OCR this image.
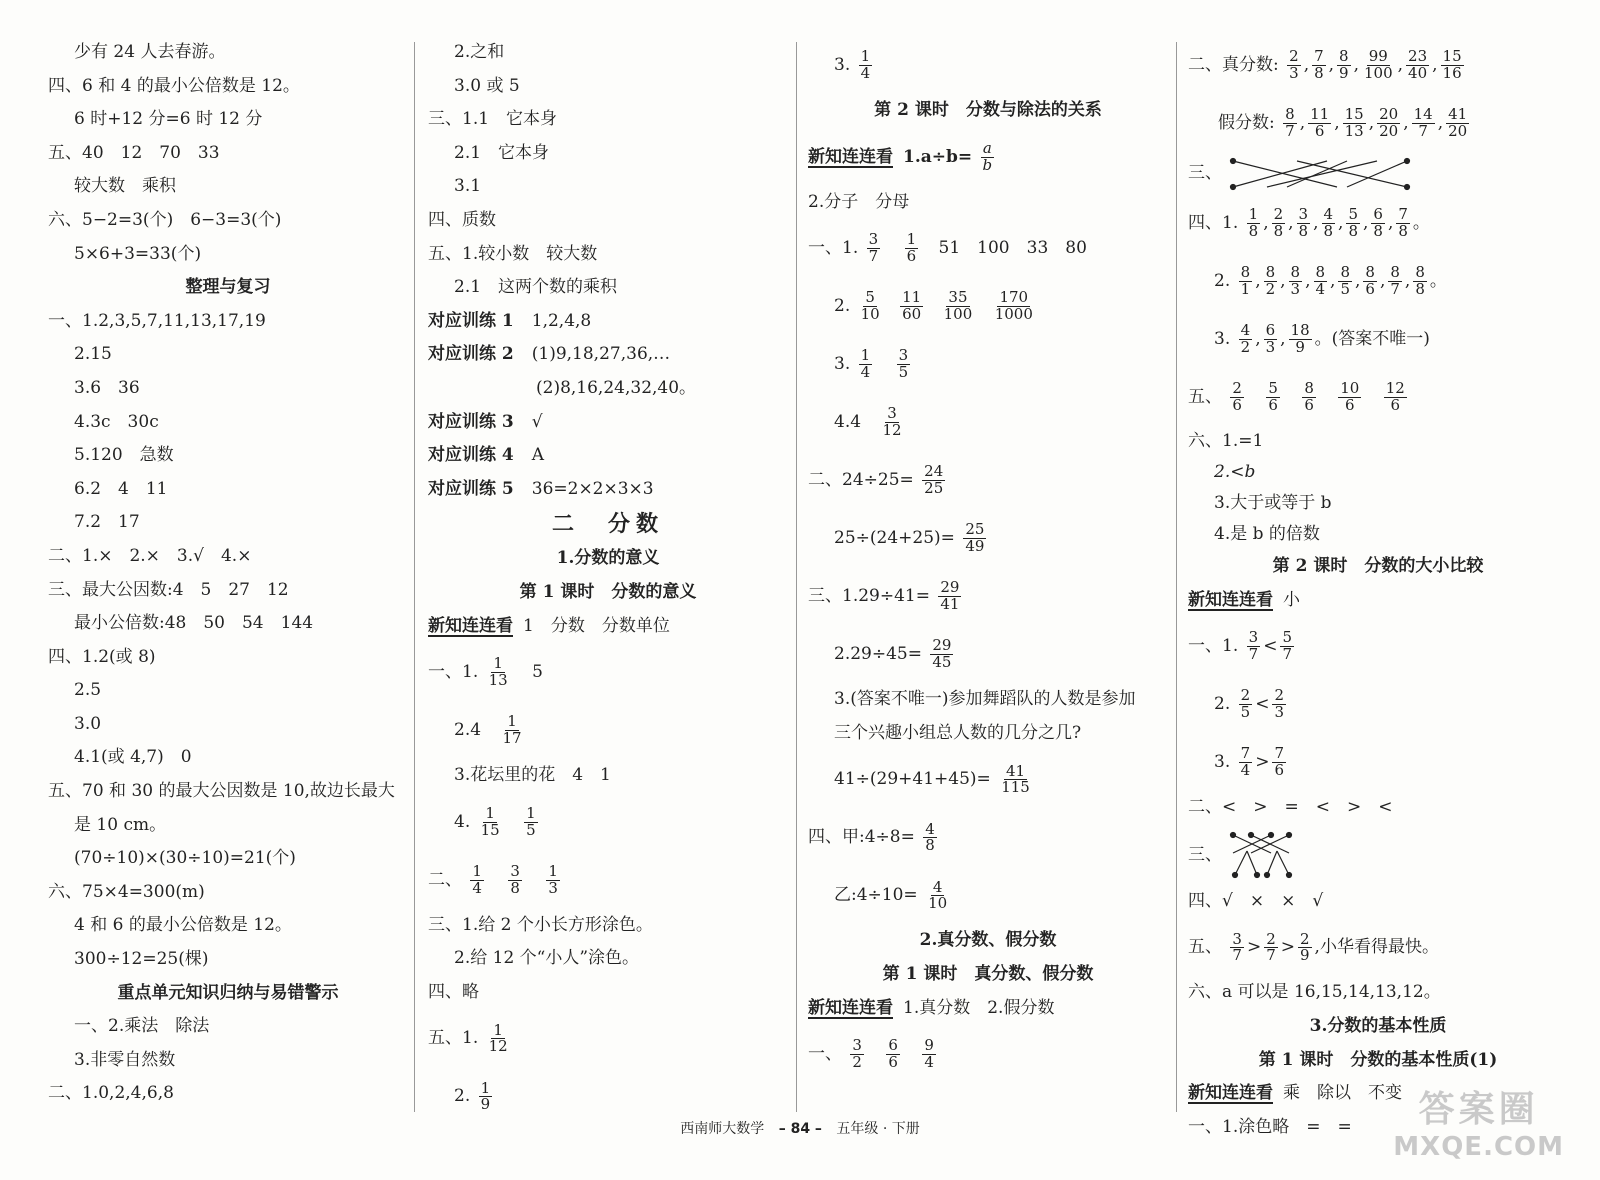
少有 24 人去春游。
四、6 和 4 的最小公倍数是 12。
6 时+12 分=6 时 12 分
五、40　12　70　33
较大数　乘积
六、5−2=3(个)　6−3=3(个)
5×6+3=33(个)
整理与复习
一、1.2,3,5,7,11,13,17,19
2.15
3.6　36
4.3c　30c
5.120　急数
6.2　4　11
7.2　17
二、1.×　2.×　3.√　4.×
三、最大公因数:4　5　27　12
最小公倍数:48　50　54　144
四、1.2(或 8)
2.5
3.0
4.1(或 4,7)　0
五、70 和 30 的最大公因数是 10,故边长最大
是 10 cm。
(70÷10)×(30÷10)=21(个)
六、75×4=300(m)
4 和 6 的最小公倍数是 12。
300÷12=25(棵)
重点单元知识归纳与易错警示
一、2.乘法　除法
3.非零自然数
二、1.0,2,4,6,8
2.之和
3.0 或 5
三、1.1　它本身
2.1　它本身
3.1
四、质数
五、1.较小数　较大数
2.1　这两个数的乘积
对应训练 1 1,2,4,8
对应训练 2 (1)9,18,27,36,…
(2)8,16,24,32,40。
对应训练 3 √
对应训练 4 A
对应训练 5 36=2×2×3×3
二　分数
1.分数的意义
第 1 课时　分数的意义
新知连连看 1　分数　分数单位
一、1. $\frac{1}{13} 5$
$2.4 \frac{1}{17}$
3.花坛里的花　4　1
4. $\frac{1}{15}$
$\frac{1}{5}$
二、 $\frac{1}{4}$
$\frac{3}{8}$
$\frac{1}{3}$
三、1.给 2 个小长方形涂色。
2.给 12 个“小人”涂色。
四、略
五、1. $\frac{1}{12}$
2. $\frac{1}{9}$
3. $\frac{1}{4}$
第 2 课时　分数与除法的关系
新知连连看 $1.a\div b= \frac{a}{b}$
2.分子　分母
一、1. $\frac{3}{7}$
$\frac{1}{6} 51$　100　33　80
2. $\frac{5}{10}$
$\frac{11}{60}$
$\frac{35}{100}$
$\frac{170}{1000}$
3. $\frac{1}{4}$
$\frac{3}{5}$
$4.4 \frac{3}{12}$
二、$24\div 25= \frac{24}{25}$
$25\div(24+25)= \frac{25}{49}$
三、$1.29\div 41= \frac{29}{41}$
$2.29\div 45= \frac{29}{45}$
3.(答案不唯一)参加舞蹈队的人数是参加
三个兴趣小组总人数的几分之几?
$41\div(29+41+45)= \frac{41}{115}$
四、甲:4÷8= $\frac{4}{8}$
乙:4÷10= $\frac{4}{10}$
2.真分数、假分数
第 1 课时　真分数、假分数
新知连连看 1.真分数　2.假分数
一、 $\frac{3}{2}$
$\frac{6}{6}$
$\frac{9}{4}$
二、真分数: $\frac{2}{3}$ , $\frac{7}{8}$ , $\frac{8}{9}$ , $\frac{99}{100}$ , $\frac{23}{40}$ , $\frac{15}{16}$
假分数: $\frac{8}{7}$ , $\frac{11}{6}$ , $\frac{15}{13}$ , $\frac{20}{20}$ , $\frac{14}{7}$ , $\frac{41}{20}$
三、
四、1. $\frac{1}{8}$ , $\frac{2}{8}$ , $\frac{3}{8}$ , $\frac{4}{8}$ , $\frac{5}{8}$ , $\frac{6}{8}$ , $\frac{7}{8}$ 。
2. $\frac{8}{1}$ , $\frac{8}{2}$ , $\frac{8}{3}$ , $\frac{8}{4}$ , $\frac{8}{5}$ , $\frac{8}{6}$ , $\frac{8}{7}$ , $\frac{8}{8}$ 。
3. $\frac{4}{2}$ , $\frac{6}{3}$ , $\frac{18}{9}$ 。(答案不唯一)
五、 $\frac{2}{6}$
$\frac{5}{6}$
$\frac{8}{6}$
$\frac{10}{6}$
$\frac{12}{6}$
六、1.=1
2.<b
3.大于或等于 b
4.是 b 的倍数
第 2 课时　分数的大小比较
新知连连看 小
一、1. $\frac{3}{7} < \frac{5}{7}$
2. $\frac{2}{5} < \frac{2}{3}$
3. $\frac{7}{4} > \frac{7}{6}$
二、<　>　=　<　>　<
三、
四、√　×　×　√
五、 $\frac{3}{7} > \frac{2}{7} > \frac{2}{9}$ ,小华看得最快。
六、a 可以是 16,15,14,13,12。
3.分数的基本性质
第 1 课时　分数的基本性质(1)
新知连连看 乘　除以　不变
一、1.涂色略　=　=
西南师大数学 – 84 – 五年级 · 下册	答案圈
MXQE.COM
